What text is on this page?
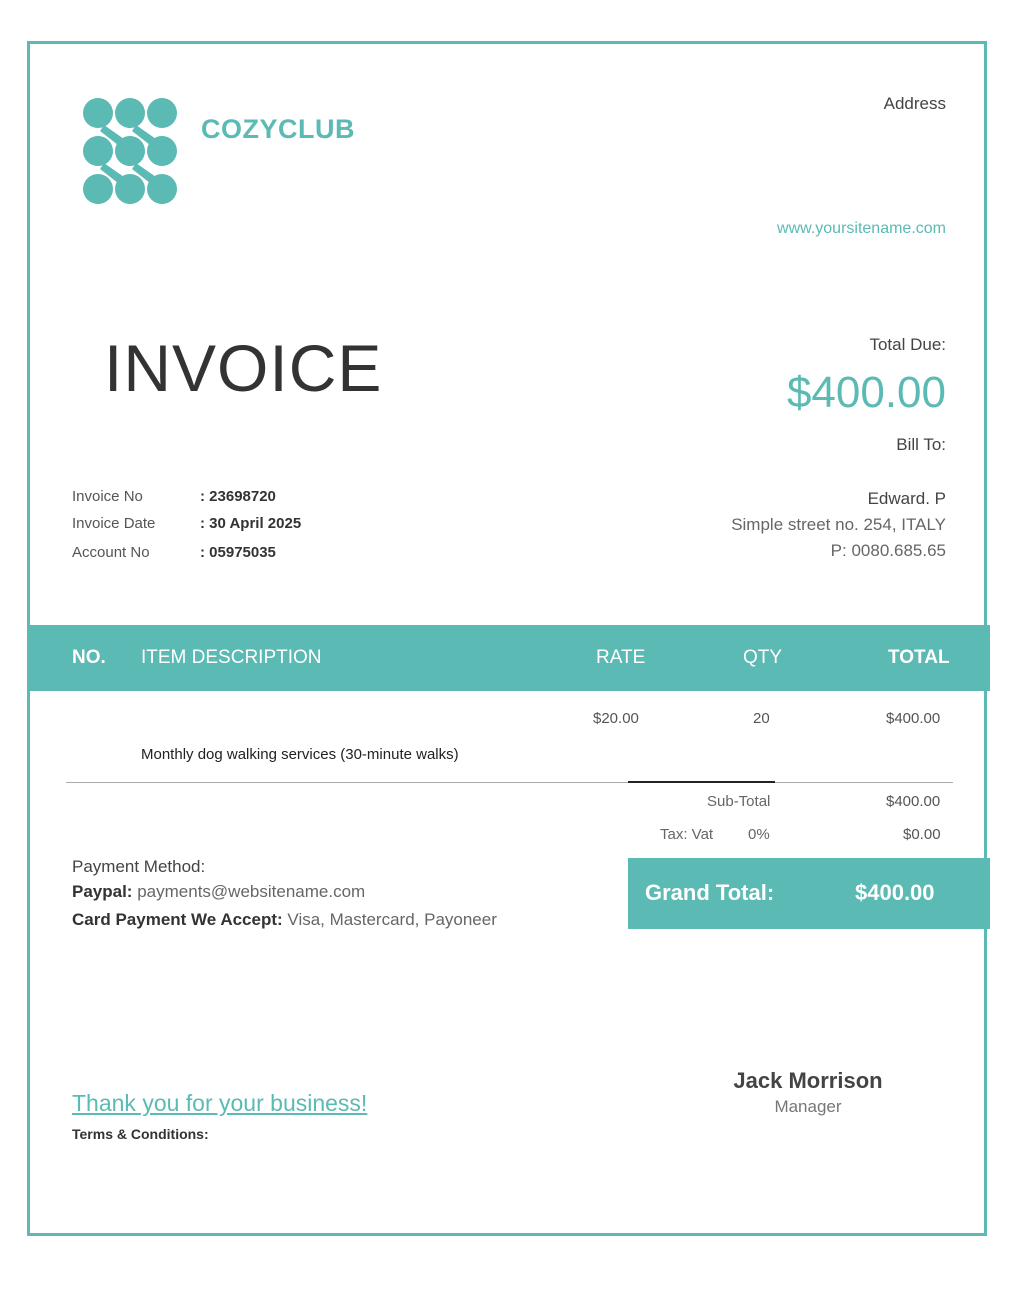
COZYCLUB
Address
www.yoursitename.com
INVOICE	Total Due:
$400.00
Bill To:
Edward. P
Simple street no. 254, ITALY
P: 0080.685.65
Invoice No	: 23698720
Invoice Date	: 30 April 2025
Account No	: 05975035
NO. ITEM DESCRIPTION	RATE	QTY	TOTAL
$20.00	20	$400.00
Monthly dog walking services (30-minute walks)
Sub-Total	$400.00
Tax: Vat 0%	$0.00
Grand Total:	$400.00
Payment Method:
Paypal: payments@websitename.com
Card Payment We Accept: Visa, Mastercard, Payoneer
Jack Morrison
Manager
Thank you for your business!
Terms & Conditions:
